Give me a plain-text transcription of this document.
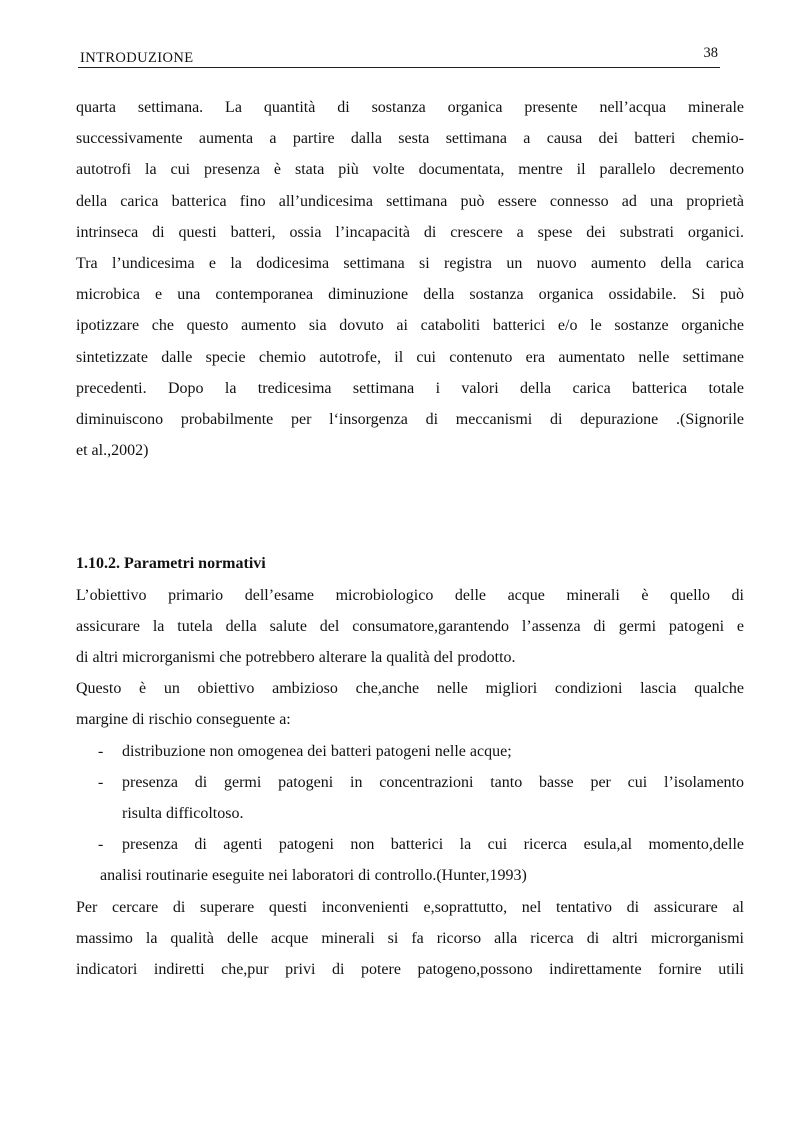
INTRODUZIONE	38

quarta settimana. La quantità di sostanza organica presente nell’acqua minerale
successivamente aumenta a partire dalla sesta settimana a causa dei batteri chemio-
autotrofi la cui presenza è stata più volte documentata, mentre il parallelo decremento
della carica batterica fino all’undicesima settimana può essere connesso ad una proprietà
intrinseca di questi batteri, ossia l’incapacità di crescere a spese dei substrati organici.
Tra l’undicesima e la dodicesima settimana si registra un nuovo aumento della carica
microbica e una contemporanea diminuzione della sostanza organica ossidabile. Si può
ipotizzare che questo aumento sia dovuto ai cataboliti batterici e/o le sostanze organiche
sintetizzate dalle specie chemio autotrofe, il cui contenuto era aumentato nelle settimane
precedenti. Dopo la tredicesima settimana i valori della carica batterica totale
diminuiscono probabilmente per l‘insorgenza di meccanismi di depurazione .(Signorile
et al.,2002)

1.10.2. Parametri normativi

L’obiettivo primario dell’esame microbiologico delle acque minerali è quello di
assicurare la tutela della salute del consumatore,garantendo l’assenza di germi patogeni e
di altri microrganismi che potrebbero alterare la qualità del prodotto.

Questo è un obiettivo ambizioso che,anche nelle migliori condizioni lascia qualche
margine di rischio conseguente a:

- distribuzione non omogenea dei batteri patogeni nelle acque;
- presenza di germi patogeni in concentrazioni tanto basse per cui l’isolamento
risulta difficoltoso.
- presenza di agenti patogeni non batterici la cui ricerca esula,al momento,delle
analisi routinarie eseguite nei laboratori di controllo.(Hunter,1993)

Per cercare di superare questi inconvenienti e,soprattutto, nel tentativo di assicurare al
massimo la qualità delle acque minerali si fa ricorso alla ricerca di altri microrganismi
indicatori indiretti che,pur privi di potere patogeno,possono indirettamente fornire utili
